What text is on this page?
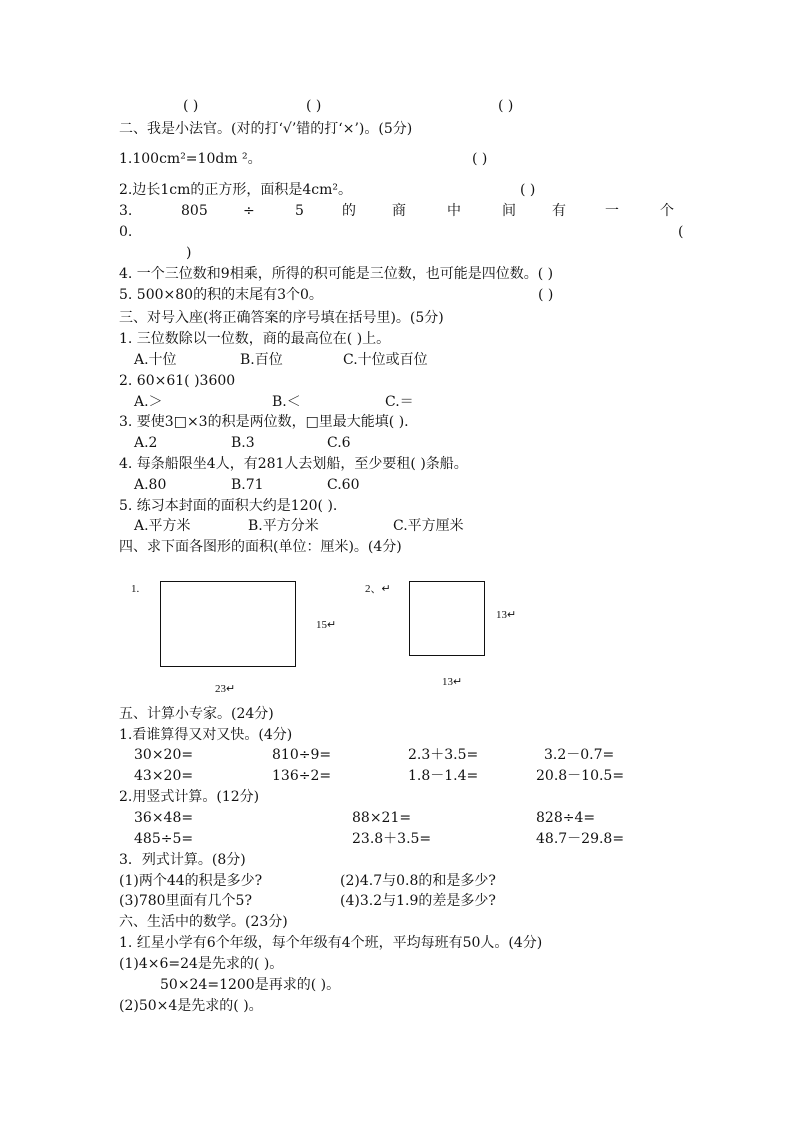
( )	( )	( )
二、我是小法官。(对的打‘√’错的打‘×’)。(5分)
1.100cm²=10dm ²。	( )
2.边长1cm的正方形，面积是4cm²。	( )
3.	805	÷	5	的	商	中	间	有	一	个
0.	(
)
4. 一个三位数和9相乘，所得的积可能是三位数，也可能是四位数。( )
5. 500×80的积的末尾有3个0。	( )
三、对号入座(将正确答案的序号填在括号里)。(5分)
1. 三位数除以一位数，商的最高位在( )上。
A.十位	B.百位	C.十位或百位
2. 60×61( )3600
A.＞	B.＜	C.＝
3. 要使3□×3的积是两位数，□里最大能填( ).
A.2	B.3	C.6
4. 每条船限坐4人，有281人去划船，至少要租( )条船。
A.80	B.71	C.60
5. 练习本封面的面积大约是120( ).
A.平方米	B.平方分米	C.平方厘米
四、求下面各图形的面积(单位：厘米)。(4分)
1.
15↵
23↵
2、↵
13↵
13↵
五、计算小专家。(24分)
1.看谁算得又对又快。(4分)
30×20=	810÷9=	2.3＋3.5=	3.2－0.7=
43×20=	136÷2=	1.8－1.4=	20.8－10.5=
2.用竖式计算。(12分)
36×48=	88×21=	828÷4=
485÷5=	23.8＋3.5=	48.7－29.8=
3．列式计算。(8分)
(1)两个44的积是多少?	(2)4.7与0.8的和是多少?
(3)780里面有几个5?	(4)3.2与1.9的差是多少?
六、生活中的数学。(23分)
1. 红星小学有6个年级，每个年级有4个班，平均每班有50人。(4分)
(1)4×6=24是先求的( )。
50×24=1200是再求的( )。
(2)50×4是先求的( )。
